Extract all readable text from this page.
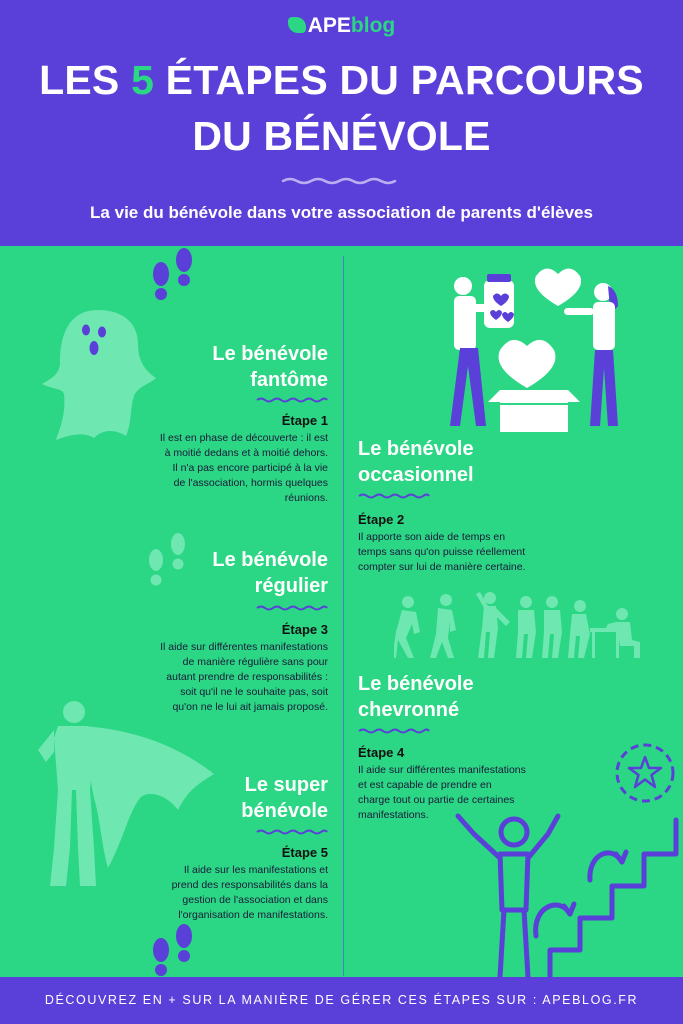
APEblog
LES 5 ÉTAPES DU PARCOURS
DU BÉNÉVOLE
La vie du bénévole dans votre association de parents d'élèves
Le bénévole
fantôme
Étape 1
Il est en phase de découverte : il est
à moitié dedans et à moitié dehors.
Il n'a pas encore participé à la vie
de l'association, hormis quelques
réunions.
Le bénévole
occasionnel
Étape 2
Il apporte son aide de temps en
temps sans qu'on puisse réellement
compter sur lui de manière certaine.
Le bénévole
régulier
Étape 3
Il aide sur différentes manifestations
de manière régulière sans pour
autant prendre de responsabilités :
soit qu'il ne le souhaite pas, soit
qu'on ne le lui ait jamais proposé.
Le bénévole
chevronné
Étape 4
Il aide sur différentes manifestations
et est capable de prendre en
charge tout ou partie de certaines
manifestations.
Le super
bénévole
Étape 5
Il aide sur les manifestations et
prend des responsabilités dans la
gestion de l'association et dans
l'organisation de manifestations.
DÉCOUVREZ EN + SUR LA MANIÈRE DE GÉRER CES ÉTAPES SUR : APEBLOG.FR
